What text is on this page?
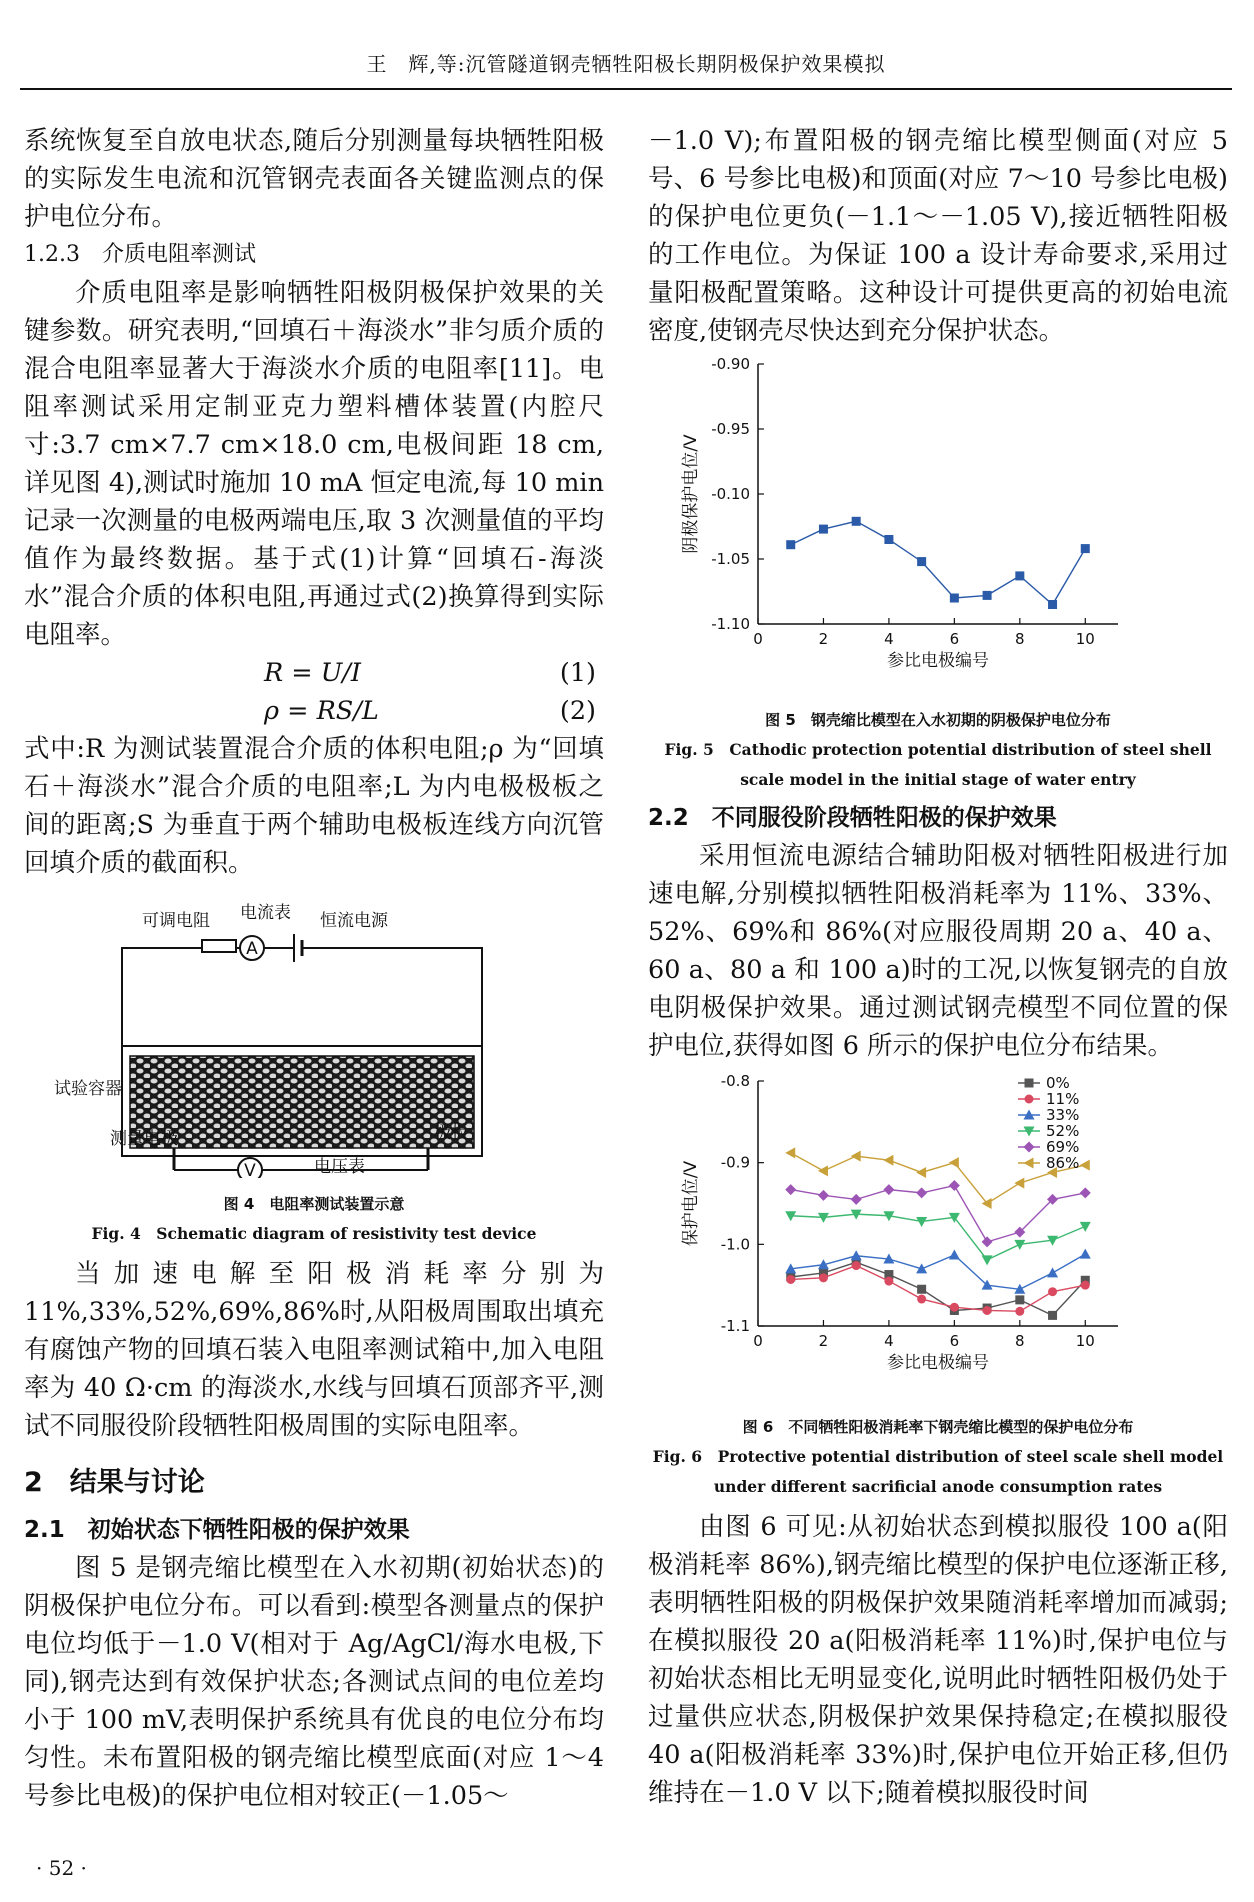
王　辉,等:沉管隧道钢壳牺牲阳极长期阴极保护效果模拟

系统恢复至自放电状态,随后分别测量每块牺牲阳极的实际发生电流和沉管钢壳表面各关键监测点的保护电位分布。

1.2.3　介质电阻率测试

介质电阻率是影响牺牲阳极阴极保护效果的关键参数。研究表明,“回填石＋海淡水”非匀质介质的混合电阻率显著大于海淡水介质的电阻率[11]。电阻率测试采用定制亚克力塑料槽体装置(内腔尺寸:3.7 cm×7.7 cm×18.0 cm,电极间距 18 cm,详见图 4),测试时施加 10 mA 恒定电流,每 10 min 记录一次测量的电极两端电压,取 3 次测量值的平均值作为最终数据。基于式(1)计算“回填石-海淡水”混合介质的体积电阻,再通过式(2)换算得到实际电阻率。

R = U/I	(1)
ρ = RS/L	(2)

式中:R 为测试装置混合介质的体积电阻;ρ 为“回填石＋海淡水”混合介质的电阻率;L 为内电极极板之间的距离;S 为垂直于两个辅助电极板连线方向沉管回填介质的截面积。

A
V
可调电阻 电流表 恒流电源
试验容器
测量电极
电压表
极板
图 4　电阻率测试装置示意
Fig. 4　Schematic diagram of resistivity test device

当加速电解至阳极消耗率分别为 11%,33%,52%,69%,86%时,从阳极周围取出填充有腐蚀产物的回填石装入电阻率测试箱中,加入电阻率为 40 Ω·cm 的海淡水,水线与回填石顶部齐平,测试不同服役阶段牺牲阳极周围的实际电阻率。

2　结果与讨论
2.1　初始状态下牺牲阳极的保护效果

图 5 是钢壳缩比模型在入水初期(初始状态)的阴极保护电位分布。可以看到:模型各测量点的保护电位均低于－1.0 V(相对于 Ag/AgCl/海水电极,下同),钢壳达到有效保护状态;各测试点间的电位差均小于 100 mV,表明保护系统具有优良的电位分布均匀性。未布置阳极的钢壳缩比模型底面(对应 1～4 号参比电极)的保护电位相对较正(－1.05～

－1.0 V);布置阳极的钢壳缩比模型侧面(对应 5 号、6 号参比电极)和顶面(对应 7～10 号参比电极)的保护电位更负(－1.1～－1.05 V),接近牺牲阳极的工作电位。为保证 100 a 设计寿命要求,采用过量阳极配置策略。这种设计可提供更高的初始电流密度,使钢壳尽快达到充分保护状态。

0	2	4	6	8	10
-0.90
-0.95
-0.10
-1.05
-1.10
参比电极编号
阴极保护电位/V
图 5　钢壳缩比模型在入水初期的阴极保护电位分布
Fig. 5　Cathodic protection potential distribution of steel shell
scale model in the initial stage of water entry
2.2　不同服役阶段牺牲阳极的保护效果

采用恒流电源结合辅助阳极对牺牲阳极进行加速电解,分别模拟牺牲阳极消耗率为 11%、33%、52%、69%和 86%(对应服役周期 20 a、40 a、60 a、80 a 和 100 a)时的工况,以恢复钢壳的自放电阴极保护效果。通过测试钢壳模型不同位置的保护电位,获得如图 6 所示的保护电位分布结果。

0	2	4	6	8	10
-0.8
-0.9
-1.0
-1.1
参比电极编号
保护电位/V
0%
11%
33%
52%
69%
86%
图 6　不同牺牲阳极消耗率下钢壳缩比模型的保护电位分布
Fig. 6　Protective potential distribution of steel scale shell model
under different sacrificial anode consumption rates

由图 6 可见:从初始状态到模拟服役 100 a(阳极消耗率 86%),钢壳缩比模型的保护电位逐渐正移,表明牺牲阳极的阴极保护效果随消耗率增加而减弱;在模拟服役 20 a(阳极消耗率 11%)时,保护电位与初始状态相比无明显变化,说明此时牺牲阳极仍处于过量供应状态,阴极保护效果保持稳定;在模拟服役 40 a(阳极消耗率 33%)时,保护电位开始正移,但仍维持在－1.0 V 以下;随着模拟服役时间

· 52 ·
